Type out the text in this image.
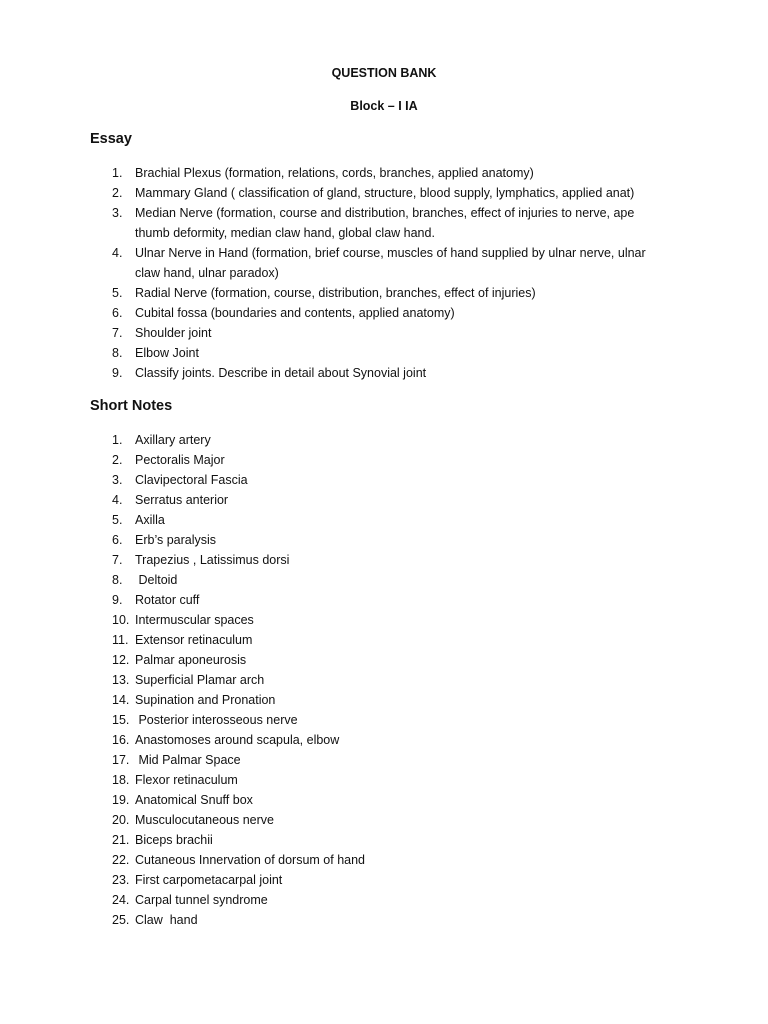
QUESTION BANK

Block – I IA

Essay
1. Brachial Plexus (formation, relations, cords, branches, applied anatomy)
2. Mammary Gland ( classification of gland, structure, blood supply, lymphatics, applied anat)
3. Median Nerve (formation, course and distribution, branches, effect of injuries to nerve, ape thumb deformity, median claw hand, global claw hand.
4. Ulnar Nerve in Hand (formation, brief course, muscles of hand supplied by ulnar nerve, ulnar claw hand, ulnar paradox)
5. Radial Nerve (formation, course, distribution, branches, effect of injuries)
6. Cubital fossa (boundaries and contents, applied anatomy)
7. Shoulder joint
8. Elbow Joint
9. Classify joints. Describe in detail about Synovial joint
Short Notes
1. Axillary artery
2. Pectoralis Major
3. Clavipectoral Fascia
4. Serratus anterior
5. Axilla
6. Erb’s paralysis
7. Trapezius , Latissimus dorsi
8. Deltoid
9. Rotator cuff
10. Intermuscular spaces
11. Extensor retinaculum
12. Palmar aponeurosis
13. Superficial Plamar arch
14. Supination and Pronation
15. Posterior interosseous nerve
16. Anastomoses around scapula, elbow
17. Mid Palmar Space
18. Flexor retinaculum
19. Anatomical Snuff box
20. Musculocutaneous nerve
21. Biceps brachii
22. Cutaneous Innervation of dorsum of hand
23. First carpometacarpal joint
24. Carpal tunnel syndrome
25. Claw  hand
